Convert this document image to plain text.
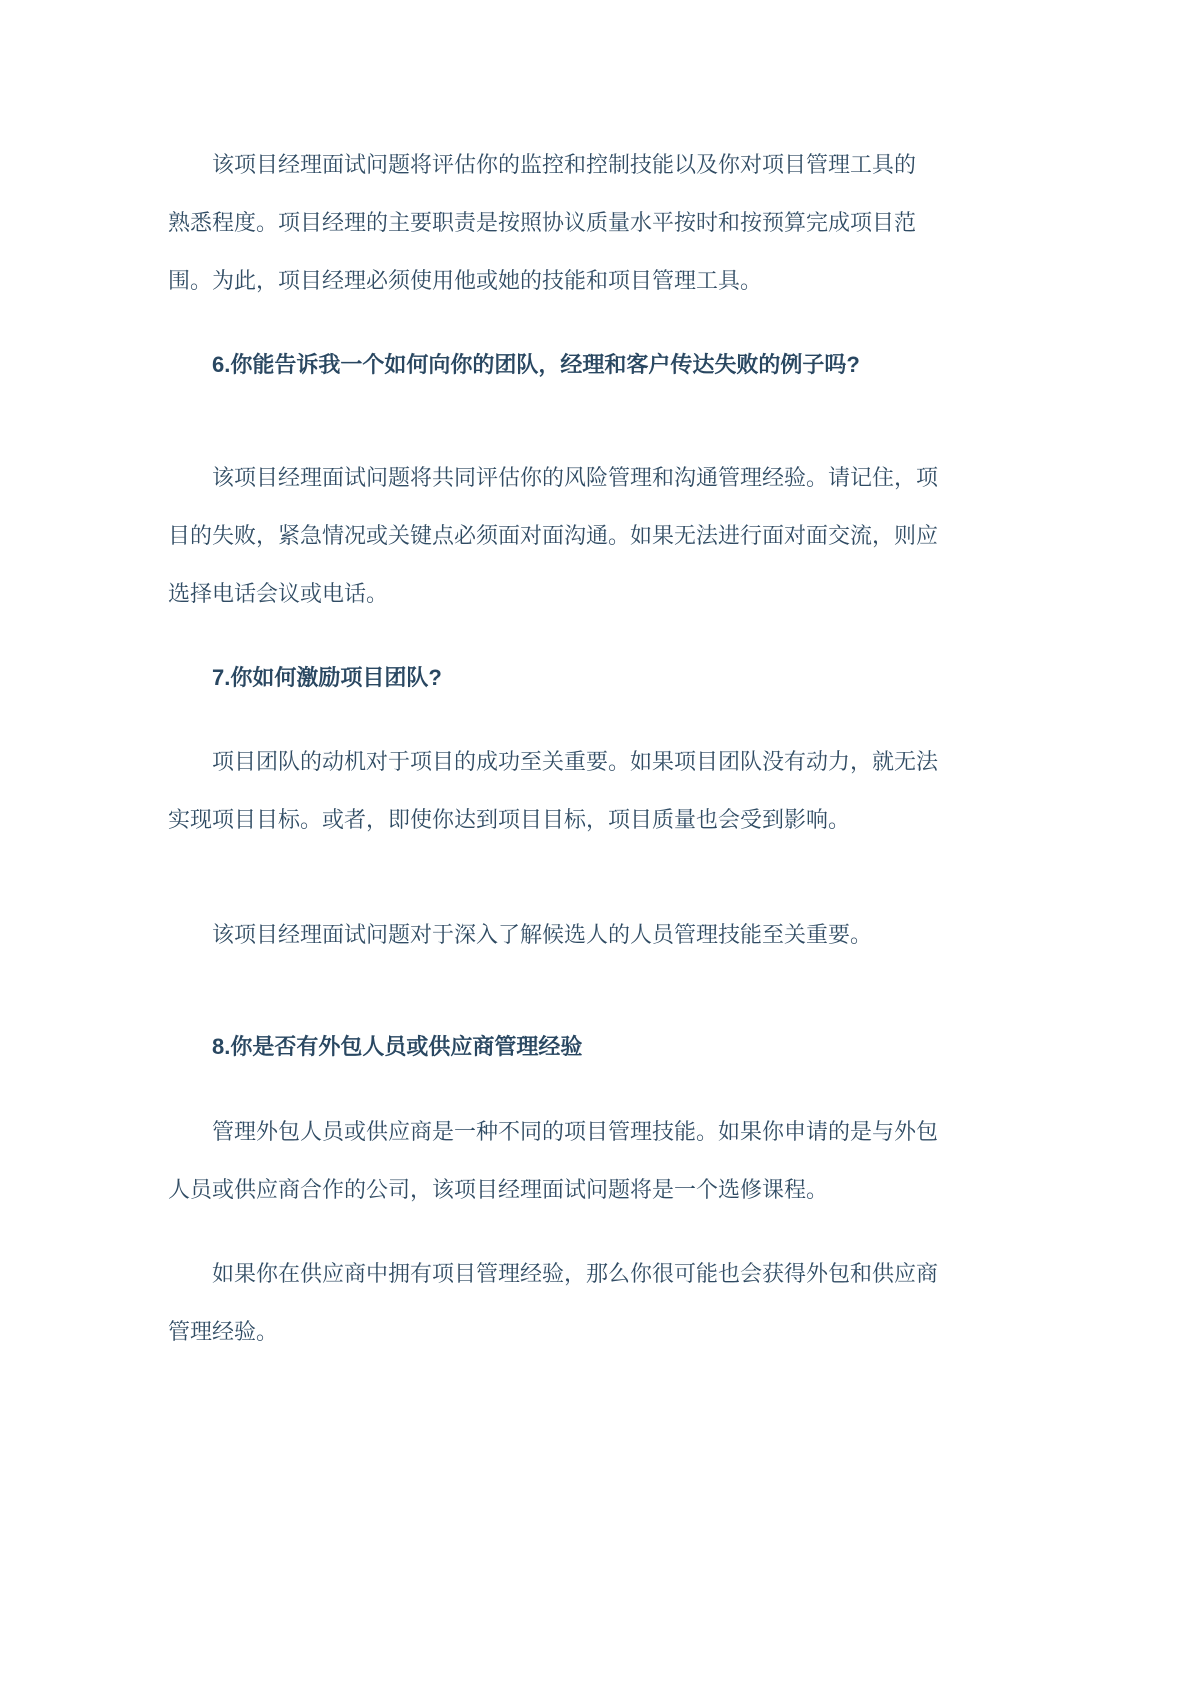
该项目经理面试问题将评估你的监控和控制技能以及你对项目管理工具的
熟悉程度。项目经理的主要职责是按照协议质量水平按时和按预算完成项目范
围。为此，项目经理必须使用他或她的技能和项目管理工具。
6.你能告诉我一个如何向你的团队，经理和客户传达失败的例子吗?
该项目经理面试问题将共同评估你的风险管理和沟通管理经验。请记住，项
目的失败，紧急情况或关键点必须面对面沟通。如果无法进行面对面交流，则应
选择电话会议或电话。
7.你如何激励项目团队?
项目团队的动机对于项目的成功至关重要。如果项目团队没有动力，就无法
实现项目目标。或者，即使你达到项目目标，项目质量也会受到影响。
该项目经理面试问题对于深入了解候选人的人员管理技能至关重要。
8.你是否有外包人员或供应商管理经验
管理外包人员或供应商是一种不同的项目管理技能。如果你申请的是与外包
人员或供应商合作的公司，该项目经理面试问题将是一个选修课程。
如果你在供应商中拥有项目管理经验，那么你很可能也会获得外包和供应商
管理经验。
